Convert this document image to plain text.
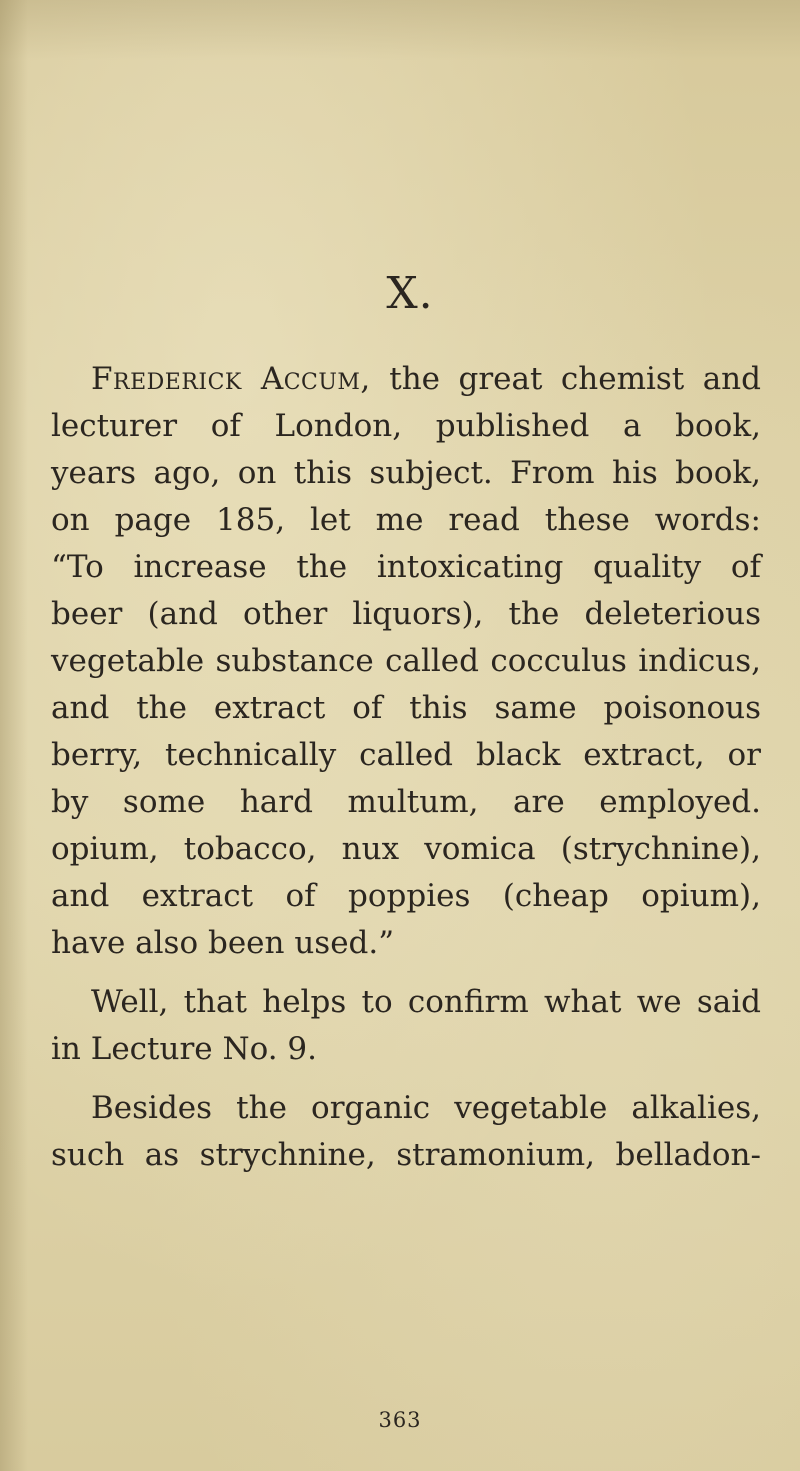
X.

Frederick Accum, the great chemist and

lecturer of London, published a book,

years ago, on this subject. From his book,

on page 185, let me read these words:

“To increase the intoxicating quality of

beer (and other liquors), the deleterious

vegetable substance called cocculus indicus,

and the extract of this same poisonous

berry, technically called black extract, or

by some hard multum, are employed.

opium, tobacco, nux vomica (strychnine),

and extract of poppies (cheap opium),

have also been used.”

Well, that helps to confirm what we said

in Lecture No. 9.

Besides the organic vegetable alkalies,

such as strychnine, stramonium, belladon-

363
